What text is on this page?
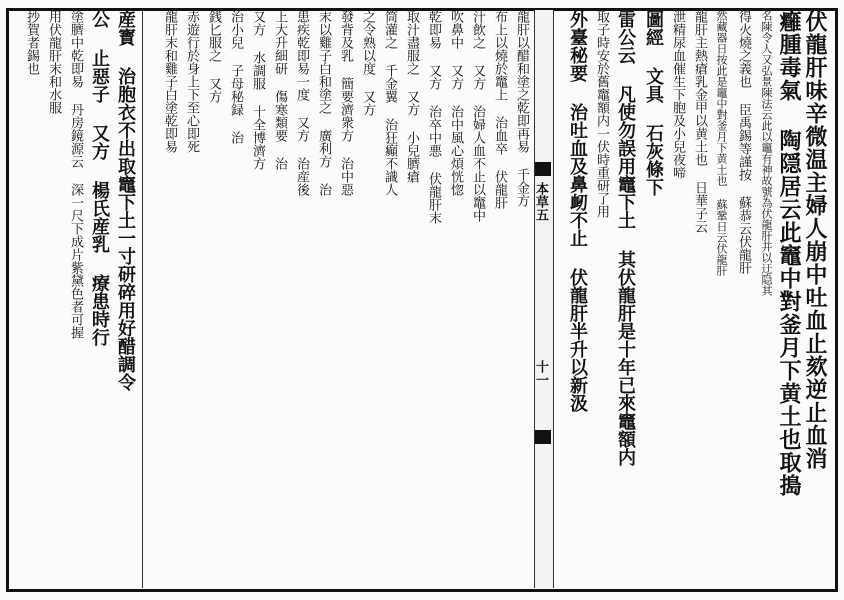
伏龍肝味辛微温主婦人崩中吐血止欬逆止血消
癰腫毒氣 陶隠居云此竈中對釜月下黄土也取搗
名陳令人又弘景陳法云此以竈有神故號為伏龍肝并以迂隐其
得火燒之義也 臣禹錫等謹按 蘇恭云伏龍肝
然藏器日按此是竈中對釜月下黄土也 蘇鞏日云伏龍肝
龍肝主熱瘡乳金甲以黄土也 日華子云
泄精尿血催生下胞及小兒夜啼
圖經 文具 石灰條下
雷公云 凡使勿誤用竈下土 其伏龍肝是十年已來竈額内
取子時安於舊竈額内一伏時重研了用
外臺秘要 治吐血及鼻衂不止 伏龍肝半升以新汲
本草五
十一
龍肝以醋和塗之乾即再易 千金方
布上以燒於竈上 治血卒 伏龍肝
汁飲之 又方 治婦人血不止以竈中
吹鼻中 又方 治中風心煩恍惚
乾即易 又方 治卒中悪 伏龍肝末
取汁盡服之 又方 小兒臍瘡
筒灌之 千金翼 治狂癲不識人
之令熟以度 又方
發背及乳 簡要濟衆方 治中惡
末以雞子白和塗之 廣利方 治
患疾乾即易一度 又方 治産後
上大升細研 傷寒類要 治
又方 水調服 十全博濟方
治小兒 子母秘録 治
銭匕服之 又方
赤遊行於身上下至心即死
龍肝末和雞子白塗乾即易
産寳 治胞衣不出取竈下土一寸研碎用好醋調令
公 止惡子 又方 楊氏産乳 療患時行
塗臍中乾即易 丹房鏡源云 深一尺下成片紫黛色者可握
用伏龍肝末和水服
抄賀者錫也
